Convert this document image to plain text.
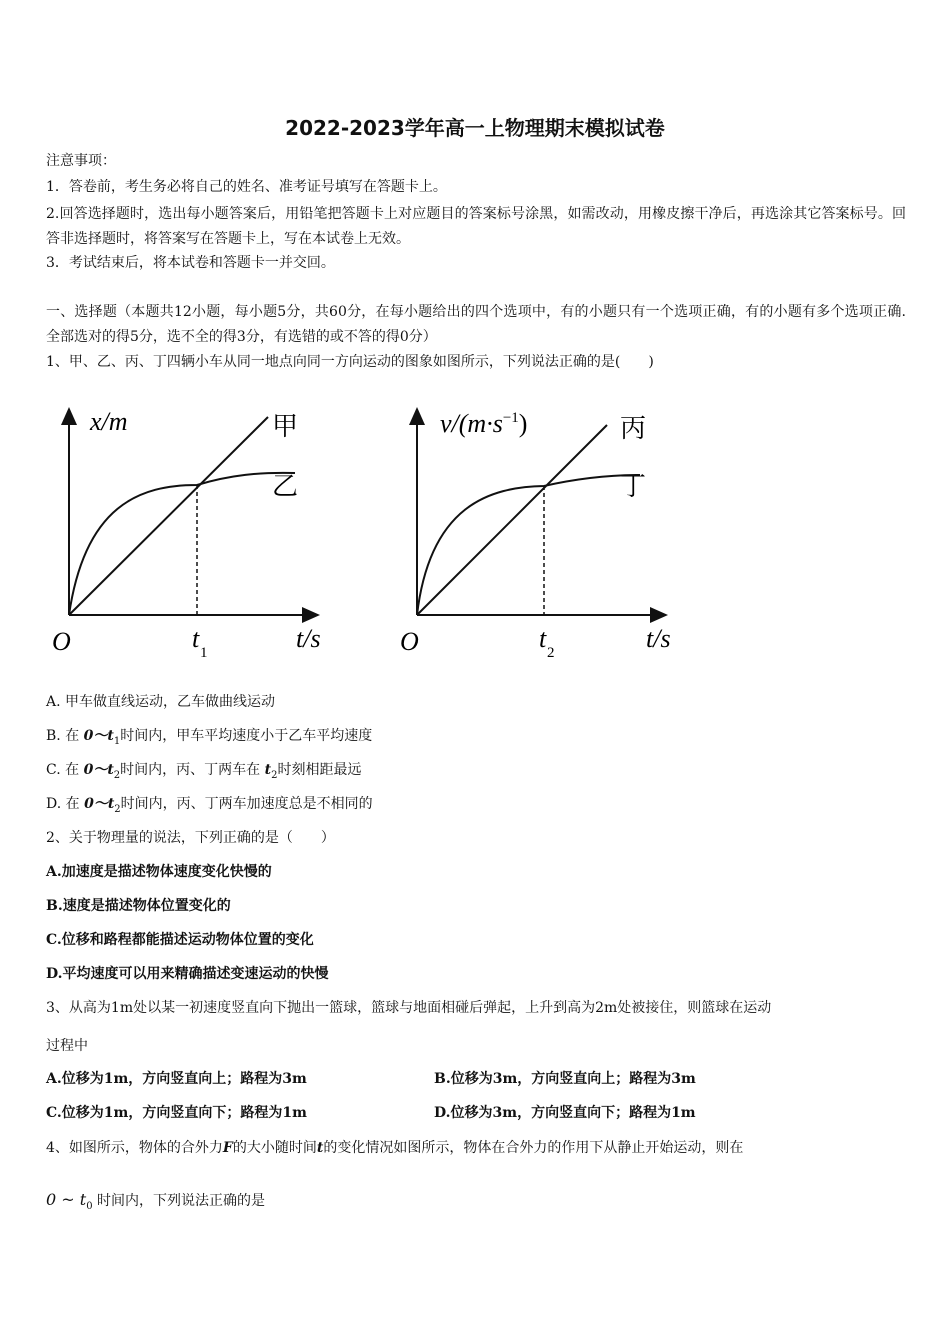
2022-2023学年高一上物理期末模拟试卷
注意事项：
1．答卷前，考生务必将自己的姓名、准考证号填写在答题卡上。
2.回答选择题时，选出每小题答案后，用铅笔把答题卡上对应题目的答案标号涂黑，如需改动，用橡皮擦干净后，再选涂其它答案标号。回答非选择题时，将答案写在答题卡上，写在本试卷上无效。
3．考试结束后，将本试卷和答题卡一并交回。
一、选择题（本题共12小题，每小题5分，共60分，在每小题给出的四个选项中，有的小题只有一个选项正确，有的小题有多个选项正确.全部选对的得5分，选不全的得3分，有选错的或不答的得0分）
1、甲、乙、丙、丁四辆小车从同一地点向同一方向运动的图象如图所示，下列说法正确的是(　　)
x/m	甲
乙
O	t 1	t/s
$v/(m\cdot s^{-1})$	丙
丁
O	t 2	t/s
A. 甲车做直线运动，乙车做曲线运动
B. 在 $0\sim t_1$时间内，甲车平均速度小于乙车平均速度
C. 在 $0\sim t_2$时间内，丙、丁两车在 $t_2$时刻相距最远
D. 在 $0\sim t_2$时间内，丙、丁两车加速度总是不相同的
2、关于物理量的说法，下列正确的是（　　）
A.加速度是描述物体速度变化快慢的
B.速度是描述物体位置变化的
C.位移和路程都能描述运动物体位置的变化
D.平均速度可以用来精确描述变速运动的快慢
3、从高为1m处以某一初速度竖直向下抛出一篮球，篮球与地面相碰后弹起，上升到高为2m处被接住，则篮球在运动
过程中
A.位移为1m，方向竖直向上；路程为3m	B.位移为3m，方向竖直向上；路程为3m
C.位移为1m，方向竖直向下；路程为1m	D.位移为3m，方向竖直向下；路程为1m
4、如图所示，物体的合外力F的大小随时间t的变化情况如图所示，物体在合外力的作用下从静止开始运动，则在
0 ~ $t_0$ 时间内，下列说法正确的是
